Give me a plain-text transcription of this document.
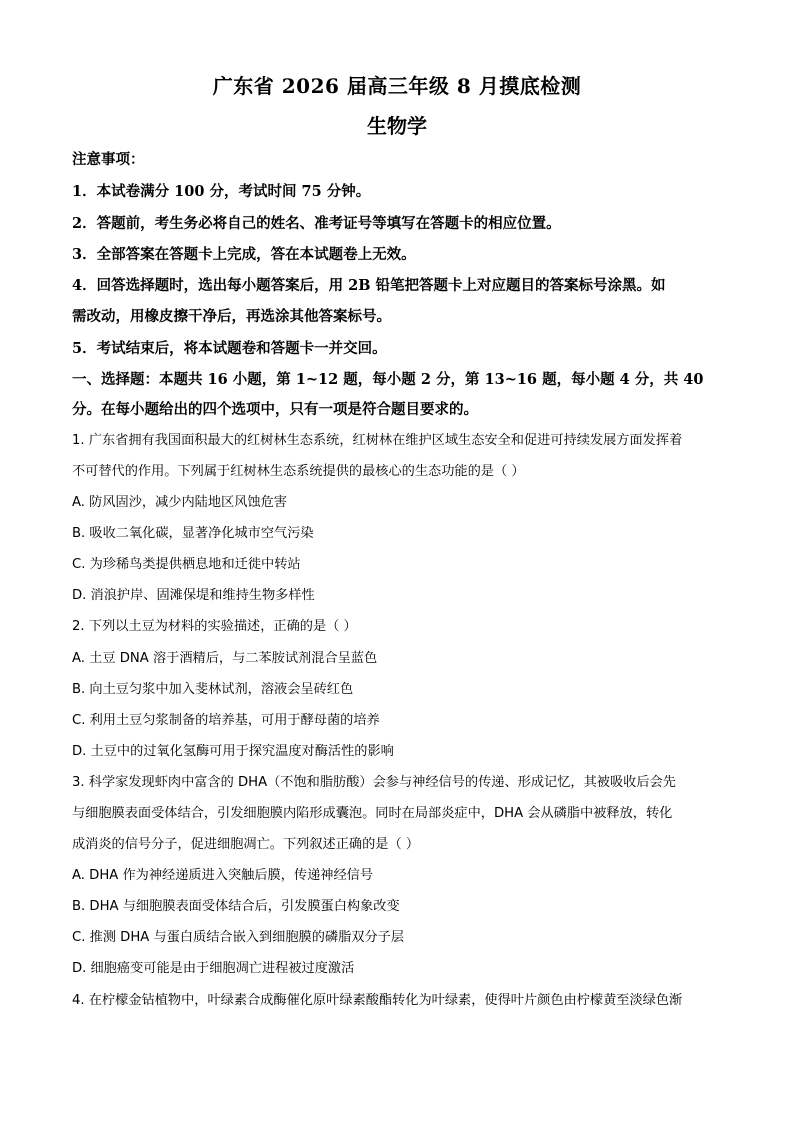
广东省 2026 届高三年级 8 月摸底检测
生物学
注意事项：
1．本试卷满分 100 分，考试时间 75 分钟。
2．答题前，考生务必将自己的姓名、准考证号等填写在答题卡的相应位置。
3．全部答案在答题卡上完成，答在本试题卷上无效。
4．回答选择题时，选出每小题答案后，用 2B 铅笔把答题卡上对应题目的答案标号涂黑。如
需改动，用橡皮擦干净后，再选涂其他答案标号。
5．考试结束后，将本试题卷和答题卡一并交回。
一、选择题：本题共 16 小题，第 1~12 题，每小题 2 分，第 13~16 题，每小题 4 分，共 40
分。在每小题给出的四个选项中，只有一项是符合题目要求的。
1. 广东省拥有我国面积最大的红树林生态系统，红树林在维护区域生态安全和促进可持续发展方面发挥着
不可替代的作用。下列属于红树林生态系统提供的最核心的生态功能的是（ ）
A. 防风固沙，减少内陆地区风蚀危害
B. 吸收二氧化碳，显著净化城市空气污染
C. 为珍稀鸟类提供栖息地和迁徙中转站
D. 消浪护岸、固滩保堤和维持生物多样性
2. 下列以土豆为材料的实验描述，正确的是（ ）
A. 土豆 DNA 溶于酒精后，与二苯胺试剂混合呈蓝色
B. 向土豆匀浆中加入斐林试剂，溶液会呈砖红色
C. 利用土豆匀浆制备的培养基，可用于酵母菌的培养
D. 土豆中的过氧化氢酶可用于探究温度对酶活性的影响
3. 科学家发现虾肉中富含的 DHA（不饱和脂肪酸）会参与神经信号的传递、形成记忆，其被吸收后会先
与细胞膜表面受体结合，引发细胞膜内陷形成囊泡。同时在局部炎症中，DHA 会从磷脂中被释放，转化
成消炎的信号分子，促进细胞凋亡。下列叙述正确的是（ ）
A. DHA 作为神经递质进入突触后膜，传递神经信号
B. DHA 与细胞膜表面受体结合后，引发膜蛋白构象改变
C. 推测 DHA 与蛋白质结合嵌入到细胞膜的磷脂双分子层
D. 细胞癌变可能是由于细胞凋亡进程被过度激活
4. 在柠檬金钻植物中，叶绿素合成酶催化原叶绿素酸酯转化为叶绿素，使得叶片颜色由柠檬黄至淡绿色渐
